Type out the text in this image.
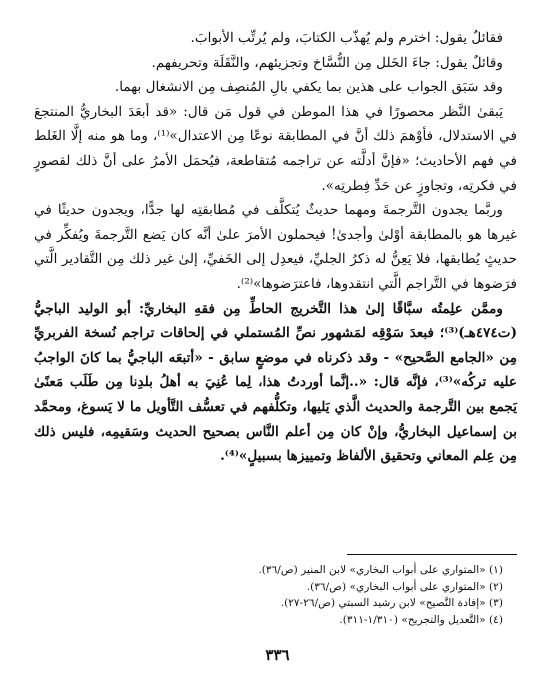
فقائلٌ يقول: اخترم ولم يُهذّب الكتابَ، ولم يُرتِّب الأبوابَ.

وقائلٌ يقول: جاءَ الخَلل مِن النُّسَّاخ وتجزيئهم، والنَّقَلَة وتحريفهم.

وقد سَبَق الجواب على هذين بما يكفي بالِ المُنصِف مِن الانشغال بهما.

يَبقىٰ النَّظر محصورًا في هذا الموطن في قول مَن قال: «قد أبعَدَ البخاريُّ المنتجعَ في الاستدلال، فأوْهمَ ذلك أنَّ في المطابقة نوعًا مِن الاعتدال»⁽¹⁾، وما هو منه إلَّا الغَلط في فهم الأحاديث؛ «فإنَّ أدلَّته عن تراجمه مُتقاطعة، فيُحمَل الأمرُ على أنَّ ذلك لقصورٍ في فكرتِه، وتجاوزٍ عن حَدِّ فِطرتِه».

وربَّما يجدون التَّرجمةَ ومهما حديثٌ يُتكلَّف في مُطابقتِه لها جدًّا، ويجدون حديثًا في غيرها هو بالمطابقة أوْلىٰ وأجدىٰ! فيحملون الأمرَ علىٰ أنَّه كان يَضع التَّرجمةَ ويُفكِّر في حديثٍ يُطابقها، فلا يَعِنُّ له ذكرُ الجليِّ، فيعدِل إلى الخَفيِّ، إلىٰ غير ذلك مِن التَّقادير الَّتي فرَضوها في التَّراجم الَّتي انتقدوها، فاعترَضوها»⁽²⁾.

وممَّن علِمتُه سبَّاقًا إلىٰ هذا التَّخريج الحاطِّ مِن فقهِ البخاريِّ: أبو الوليد الباجيُّ (ت٤٧٤هـ)⁽³⁾؛ فبعدَ سَوْقِه لمَشهور نصِّ المُستملي في إلحاقات تراجم نُسخة الفربريِّ مِن «الجامع الصَّحيح» - وقد ذكرناه في موضعٍ سابق - «أتبعَه الباجيُّ بما كانَ الواجبُ عليه تركُه»⁽³⁾، فإنَّه قال: «..إنَّما أوردتُ هذا، لِما عُنِيَ به أهلُ بلدِنا مِن طَلَب مَعنًىٰ يَجمع بين التَّرجمة والحديث الَّذي يَليها، وتكلُّفهم في تعسُّف التَّأويل ما لا يَسوغ، ومحمَّد بن إسماعيل البخاريُّ، وإنْ كان مِن أعلم النَّاس بصحيح الحديث وسَقيمِه، فليس ذلك مِن عِلم المعاني وتحقيق الألفاظ وتمييزها بسبيلٍ»⁽⁴⁾.

(١) «المتواري على أبواب البخاري» لابن المنير (ص/٣٦).
(٢) «المتواري على أبواب البخاري» (ص/٣٦).
(٣) «إفادة النَّصيح» لابن رشيد السبتي (ص/٢٦-٢٧).
(٤) «التَّعديل والتجريح» (١/٣١٠-٣١١).
٣٣٦
